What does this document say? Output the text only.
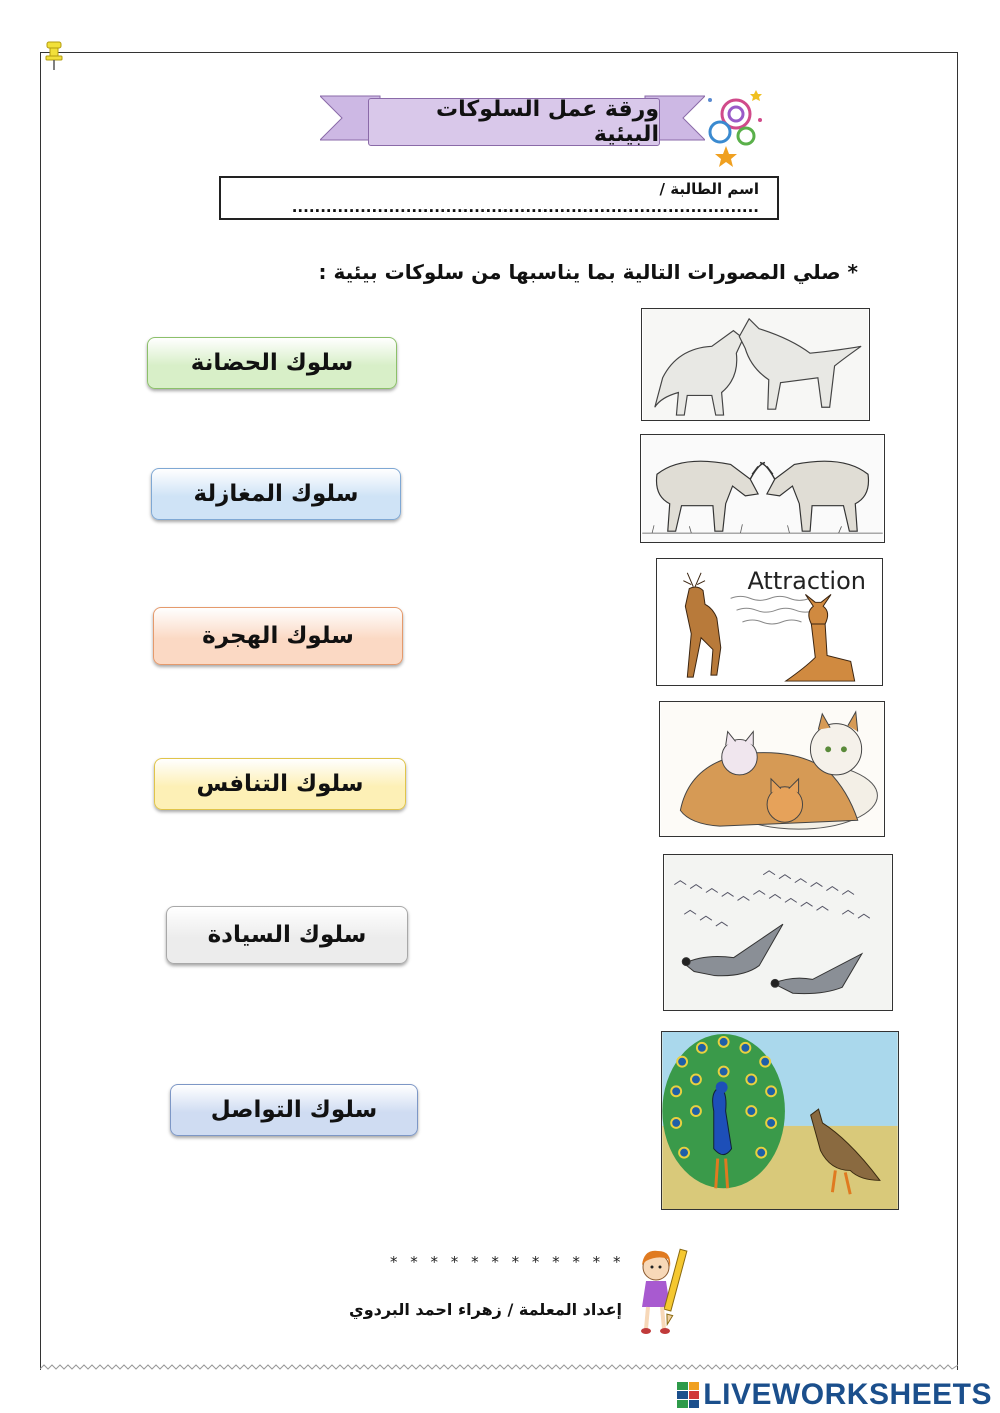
ورقة عمل السلوكات البيئية
اسم الطالبة / ..................................................................................
* صلي المصورات التالية بما يناسبها من سلوكات بيئية :
سلوك الحضانة
سلوك المغازلة
سلوك الهجرة
سلوك التنافس
سلوك السيادة
سلوك التواصل
Attraction
* * * * * * * * * * * *
إعداد المعلمة / زهراء احمد البردوي
LIVEWORKSHEETS
